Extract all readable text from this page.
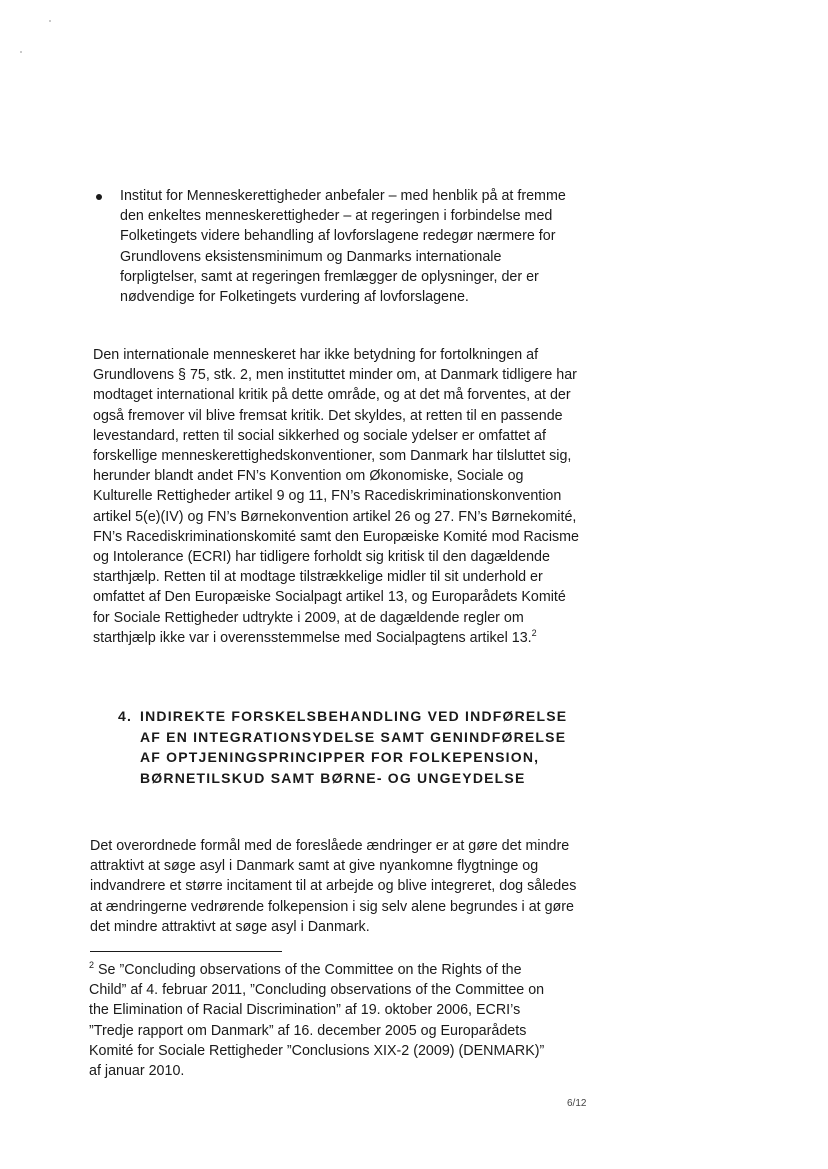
Institut for Menneskerettigheder anbefaler – med henblik på at fremme den enkeltes menneskerettigheder – at regeringen i forbindelse med Folketingets videre behandling af lovforslagene redegør nærmere for Grundlovens eksistensminimum og Danmarks internationale forpligtelser, samt at regeringen fremlægger de oplysninger, der er nødvendige for Folketingets vurdering af lovforslagene.
Den internationale menneskeret har ikke betydning for fortolkningen af Grundlovens § 75, stk. 2, men instituttet minder om, at Danmark tidligere har modtaget international kritik på dette område, og at det må forventes, at der også fremover vil blive fremsat kritik. Det skyldes, at retten til en passende levestandard, retten til social sikkerhed og sociale ydelser er omfattet af forskellige menneskerettighedskonventioner, som Danmark har tilsluttet sig, herunder blandt andet FN’s Konvention om Økonomiske, Sociale og Kulturelle Rettigheder artikel 9 og 11, FN’s Racediskriminationskonvention artikel 5(e)(IV) og FN’s Børnekonvention artikel 26 og 27. FN’s Børnekomité, FN’s Racediskriminationskomité samt den Europæiske Komité mod Racisme og Intolerance (ECRI) har tidligere forholdt sig kritisk til den dagældende starthjælp. Retten til at modtage tilstrækkelige midler til sit underhold er omfattet af Den Europæiske Socialpagt artikel 13, og Europarådets Komité for Sociale Rettigheder udtrykte i 2009, at de dagældende regler om starthjælp ikke var i overensstemmelse med Socialpagtens artikel 13.$^2$
4. INDIREKTE FORSKELSBEHANDLING VED INDFØRELSE AF EN INTEGRATIONSYDELSE SAMT GENINDFØRELSE AF OPTJENINGSPRINCIPPER FOR FOLKEPENSION, BØRNETILSKUD SAMT BØRNE- OG UNGEYDELSE
Det overordnede formål med de foreslåede ændringer er at gøre det mindre attraktivt at søge asyl i Danmark samt at give nyankomne flygtninge og indvandrere et større incitament til at arbejde og blive integreret, dog således at ændringerne vedrørende folkepension i sig selv alene begrundes i at gøre det mindre attraktivt at søge asyl i Danmark.
$^2$ Se ”Concluding observations of the Committee on the Rights of the Child” af 4. februar 2011, ”Concluding observations of the Committee on the Elimination of Racial Discrimination” af 19. oktober 2006, ECRI’s ”Tredje rapport om Danmark” af 16. december 2005 og Europarådets Komité for Sociale Rettigheder ”Conclusions XIX-2 (2009) (DENMARK)” af januar 2010.
6/12
